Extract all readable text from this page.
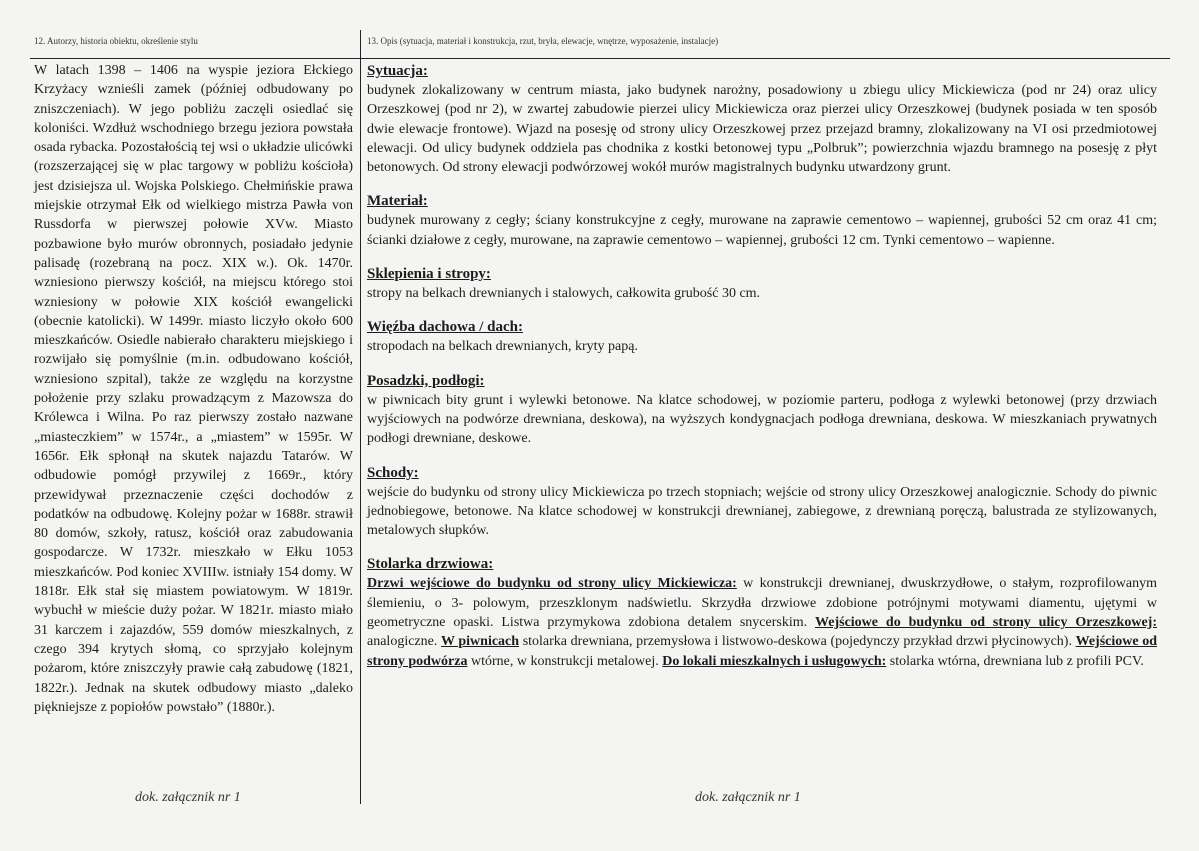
12. Autorzy, historia obiektu, określenie stylu	13. Opis (sytuacja, materiał i konstrukcja, rzut, bryła, elewacje, wnętrze, wyposażenie, instalacje)

W latach 1398 – 1406 na wyspie jeziora Ełckiego Krzyżacy wznieśli zamek (później odbudowany po zniszczeniach). W jego pobliżu zaczęli osiedlać się koloniści. Wzdłuż wschodniego brzegu jeziora powstała osada rybacka. Pozostałością tej wsi o układzie ulicówki (rozszerzającej się w plac targowy w pobliżu kościoła) jest dzisiejsza ul. Wojska Polskiego. Chełmińskie prawa miejskie otrzymał Ełk od wielkiego mistrza Pawła von Russdorfa w pierwszej połowie XVw. Miasto pozbawione było murów obronnych, posiadało jedynie palisadę (rozebraną na pocz. XIX w.). Ok. 1470r. wzniesiono pierwszy kościół, na miejscu którego stoi wzniesiony w połowie XIX kościół ewangelicki (obecnie katolicki). W 1499r. miasto liczyło około 600 mieszkańców. Osiedle nabierało charakteru miejskiego i rozwijało się pomyślnie (m.in. odbudowano kościół, wzniesiono szpital), także ze względu na korzystne położenie przy szlaku prowadzącym z Mazowsza do Królewca i Wilna. Po raz pierwszy zostało nazwane „miasteczkiem” w 1574r., a „miastem” w 1595r. W 1656r. Ełk spłonął na skutek najazdu Tatarów. W odbudowie pomógł przywilej z 1669r., który przewidywał przeznaczenie części dochodów z podatków na odbudowę. Kolejny pożar w 1688r. strawił 80 domów, szkoły, ratusz, kościół oraz zabudowania gospodarcze. W 1732r. mieszkało w Ełku 1053 mieszkańców. Pod koniec XVIIIw. istniały 154 domy. W 1818r. Ełk stał się miastem powiatowym. W 1819r. wybuchł w mieście duży pożar. W 1821r. miasto miało 31 karczem i zajazdów, 559 domów mieszkalnych, z czego 394 krytych słomą, co sprzyjało kolejnym pożarom, które zniszczyły prawie całą zabudowę (1821, 1822r.). Jednak na skutek odbudowy miasto „daleko piękniejsze z popiołów powstało” (1880r.).

Sytuacja:

budynek zlokalizowany w centrum miasta, jako budynek narożny, posadowiony u zbiegu ulicy Mickiewicza (pod nr 24) oraz ulicy Orzeszkowej (pod nr 2), w zwartej zabudowie pierzei ulicy Mickiewicza oraz pierzei ulicy Orzeszkowej (budynek posiada w ten sposób dwie elewacje frontowe). Wjazd na posesję od strony ulicy Orzeszkowej przez przejazd bramny, zlokalizowany na VI osi przedmiotowej elewacji. Od ulicy budynek oddziela pas chodnika z kostki betonowej typu „Polbruk”; powierzchnia wjazdu bramnego na posesję z płyt betonowych. Od strony elewacji podwórzowej wokół murów magistralnych budynku utwardzony grunt.

Materiał:

budynek murowany z cegły; ściany konstrukcyjne z cegły, murowane na zaprawie cementowo – wapiennej, grubości 52 cm oraz 41 cm; ścianki działowe z cegły, murowane, na zaprawie cementowo – wapiennej, grubości 12 cm. Tynki cementowo – wapienne.

Sklepienia i stropy:

stropy na belkach drewnianych i stalowych, całkowita grubość 30 cm.

Więźba dachowa / dach:

stropodach na belkach drewnianych, kryty papą.

Posadzki, podłogi:

w piwnicach bity grunt i wylewki betonowe. Na klatce schodowej, w poziomie parteru, podłoga z wylewki betonowej (przy drzwiach wyjściowych na podwórze drewniana, deskowa), na wyższych kondygnacjach podłoga drewniana, deskowa. W mieszkaniach prywatnych podłogi drewniane, deskowe.

Schody:

wejście do budynku od strony ulicy Mickiewicza po trzech stopniach; wejście od strony ulicy Orzeszkowej analogicznie. Schody do piwnic jednobiegowe, betonowe. Na klatce schodowej w konstrukcji drewnianej, zabiegowe, z drewnianą poręczą, balustrada ze stylizowanych, metalowych słupków.

Stolarka drzwiowa:

Drzwi wejściowe do budynku od strony ulicy Mickiewicza: w konstrukcji drewnianej, dwuskrzydłowe, o stałym, rozprofilowanym ślemieniu, o 3- polowym, przeszklonym nadświetlu. Skrzydła drzwiowe zdobione potrójnymi motywami diamentu, ujętymi w geometryczne opaski. Listwa przymykowa zdobiona detalem snycerskim. Wejściowe do budynku od strony ulicy Orzeszkowej: analogiczne. W piwnicach stolarka drewniana, przemysłowa i listwowo-deskowa (pojedynczy przykład drzwi płycinowych). Wejściowe od strony podwórza wtórne, w konstrukcji metalowej. Do lokali mieszkalnych i usługowych: stolarka wtórna, drewniana lub z profili PCV.

dok. załącznik nr 1	dok. załącznik nr 1
